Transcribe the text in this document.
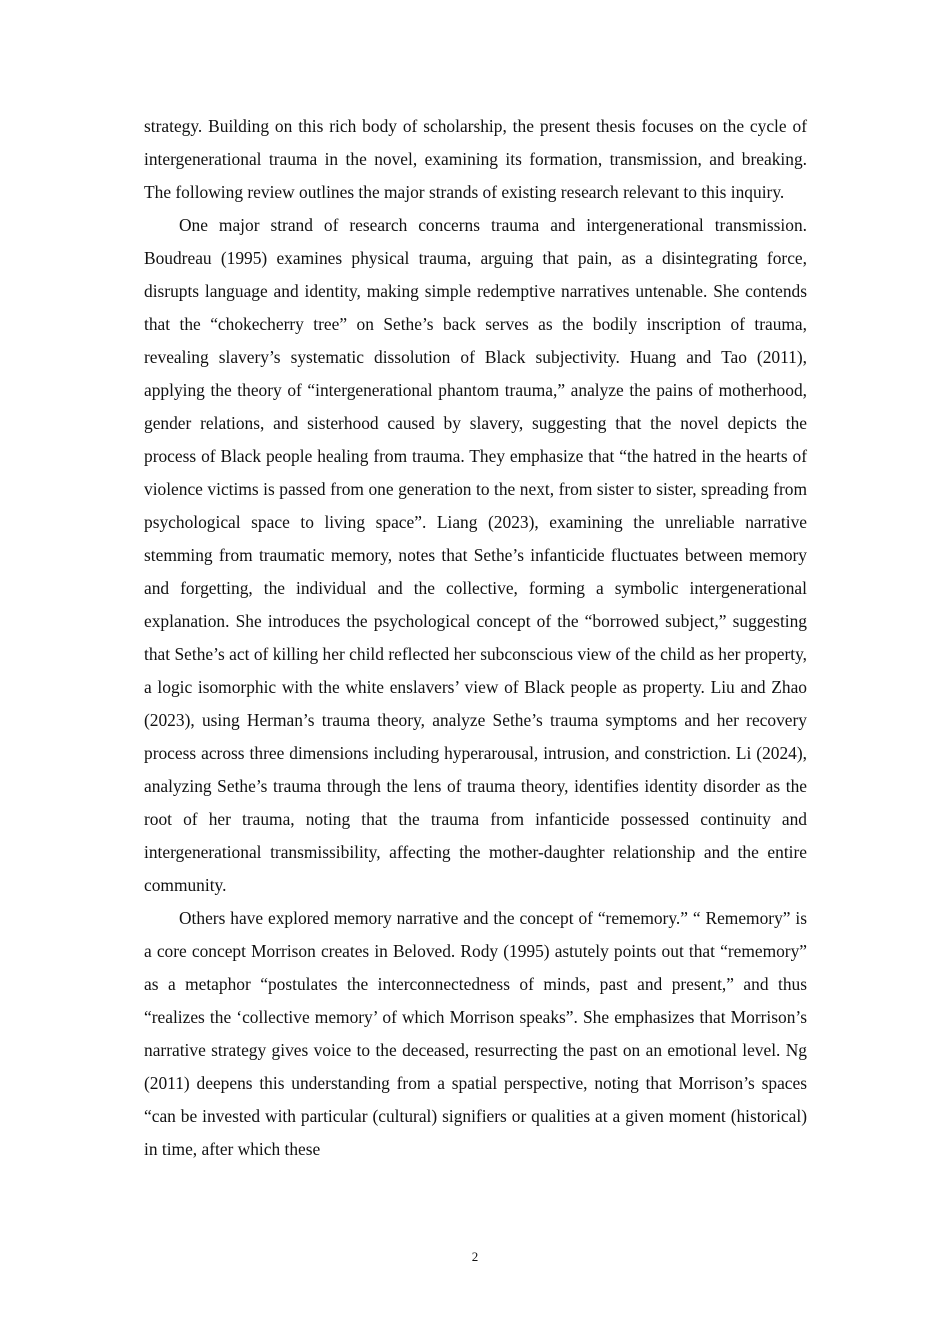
strategy. Building on this rich body of scholarship, the present thesis focuses on the cycle of intergenerational trauma in the novel, examining its formation, transmission, and breaking. The following review outlines the major strands of existing research relevant to this inquiry.

One major strand of research concerns trauma and intergenerational transmission. Boudreau (1995) examines physical trauma, arguing that pain, as a disintegrating force, disrupts language and identity, making simple redemptive narratives untenable. She contends that the “chokecherry tree” on Sethe’s back serves as the bodily inscription of trauma, revealing slavery’s systematic dissolution of Black subjectivity. Huang and Tao (2011), applying the theory of “intergenerational phantom trauma,” analyze the pains of motherhood, gender relations, and sisterhood caused by slavery, suggesting that the novel depicts the process of Black people healing from trauma. They emphasize that “the hatred in the hearts of violence victims is passed from one generation to the next, from sister to sister, spreading from psychological space to living space”. Liang (2023), examining the unreliable narrative stemming from traumatic memory, notes that Sethe’s infanticide fluctuates between memory and forgetting, the individual and the collective, forming a symbolic intergenerational explanation. She introduces the psychological concept of the “borrowed subject,” suggesting that Sethe’s act of killing her child reflected her subconscious view of the child as her property, a logic isomorphic with the white enslavers’ view of Black people as property. Liu and Zhao (2023), using Herman’s trauma theory, analyze Sethe’s trauma symptoms and her recovery process across three dimensions including hyperarousal, intrusion, and constriction. Li (2024), analyzing Sethe’s trauma through the lens of trauma theory, identifies identity disorder as the root of her trauma, noting that the trauma from infanticide possessed continuity and intergenerational transmissibility, affecting the mother-daughter relationship and the entire community.

Others have explored memory narrative and the concept of “rememory.” “ Rememory” is a core concept Morrison creates in Beloved. Rody (1995) astutely points out that “rememory” as a metaphor “postulates the interconnectedness of minds, past and present,” and thus “realizes the ‘collective memory’ of which Morrison speaks”. She emphasizes that Morrison’s narrative strategy gives voice to the deceased, resurrecting the past on an emotional level. Ng (2011) deepens this understanding from a spatial perspective, noting that Morrison’s spaces “can be invested with particular (cultural) signifiers or qualities at a given moment (historical) in time, after which these

2
